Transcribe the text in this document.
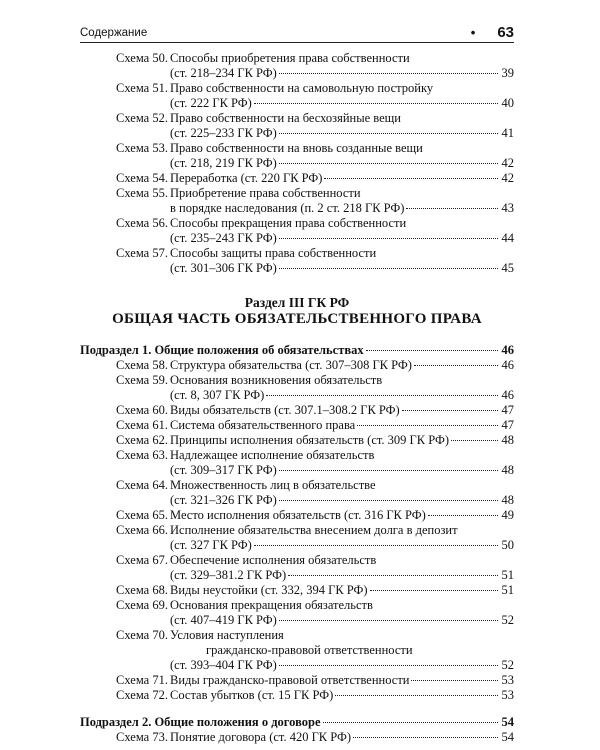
Содержание	• 63
Схема 50. Способы приобретения права собственности
(ст. 218–234 ГК РФ)	39
Схема 51. Право собственности на самовольную постройку
(ст. 222 ГК РФ)	40
Схема 52. Право собственности на бесхозяйные вещи
(ст. 225–233 ГК РФ)	41
Схема 53. Право собственности на вновь созданные вещи
(ст. 218, 219 ГК РФ)	42
Схема 54. Переработка (ст. 220 ГК РФ)	42
Схема 55. Приобретение права собственности
в порядке наследования (п. 2 ст. 218 ГК РФ)	43
Схема 56. Способы прекращения права собственности
(ст. 235–243 ГК РФ)	44
Схема 57. Способы защиты права собственности
(ст. 301–306 ГК РФ)	45
Раздел III ГК РФ
ОБЩАЯ ЧАСТЬ ОБЯЗАТЕЛЬСТВЕННОГО ПРАВА
Подраздел 1. Общие положения об обязательствах	46
Схема 58. Структура обязательства (ст. 307–308 ГК РФ)	46
Схема 59. Основания возникновения обязательств
(ст. 8, 307 ГК РФ)	46
Схема 60. Виды обязательств (ст. 307.1–308.2 ГК РФ)	47
Схема 61. Система обязательственного права	47
Схема 62. Принципы исполнения обязательств (ст. 309 ГК РФ)	48
Схема 63. Надлежащее исполнение обязательств
(ст. 309–317 ГК РФ)	48
Схема 64. Множественность лиц в обязательстве
(ст. 321–326 ГК РФ)	48
Схема 65. Место исполнения обязательств (ст. 316 ГК РФ)	49
Схема 66. Исполнение обязательства внесением долга в депозит
(ст. 327 ГК РФ)	50
Схема 67. Обеспечение исполнения обязательств
(ст. 329–381.2 ГК РФ)	51
Схема 68. Виды неустойки (ст. 332, 394 ГК РФ)	51
Схема 69. Основания прекращения обязательств
(ст. 407–419 ГК РФ)	52
Схема 70. Условия наступления
гражданско-правовой ответственности
(ст. 393–404 ГК РФ)	52
Схема 71. Виды гражданско-правовой ответственности	53
Схема 72. Состав убытков (ст. 15 ГК РФ)	53
Подраздел 2. Общие положения о договоре	54
Схема 73. Понятие договора (ст. 420 ГК РФ)	54
